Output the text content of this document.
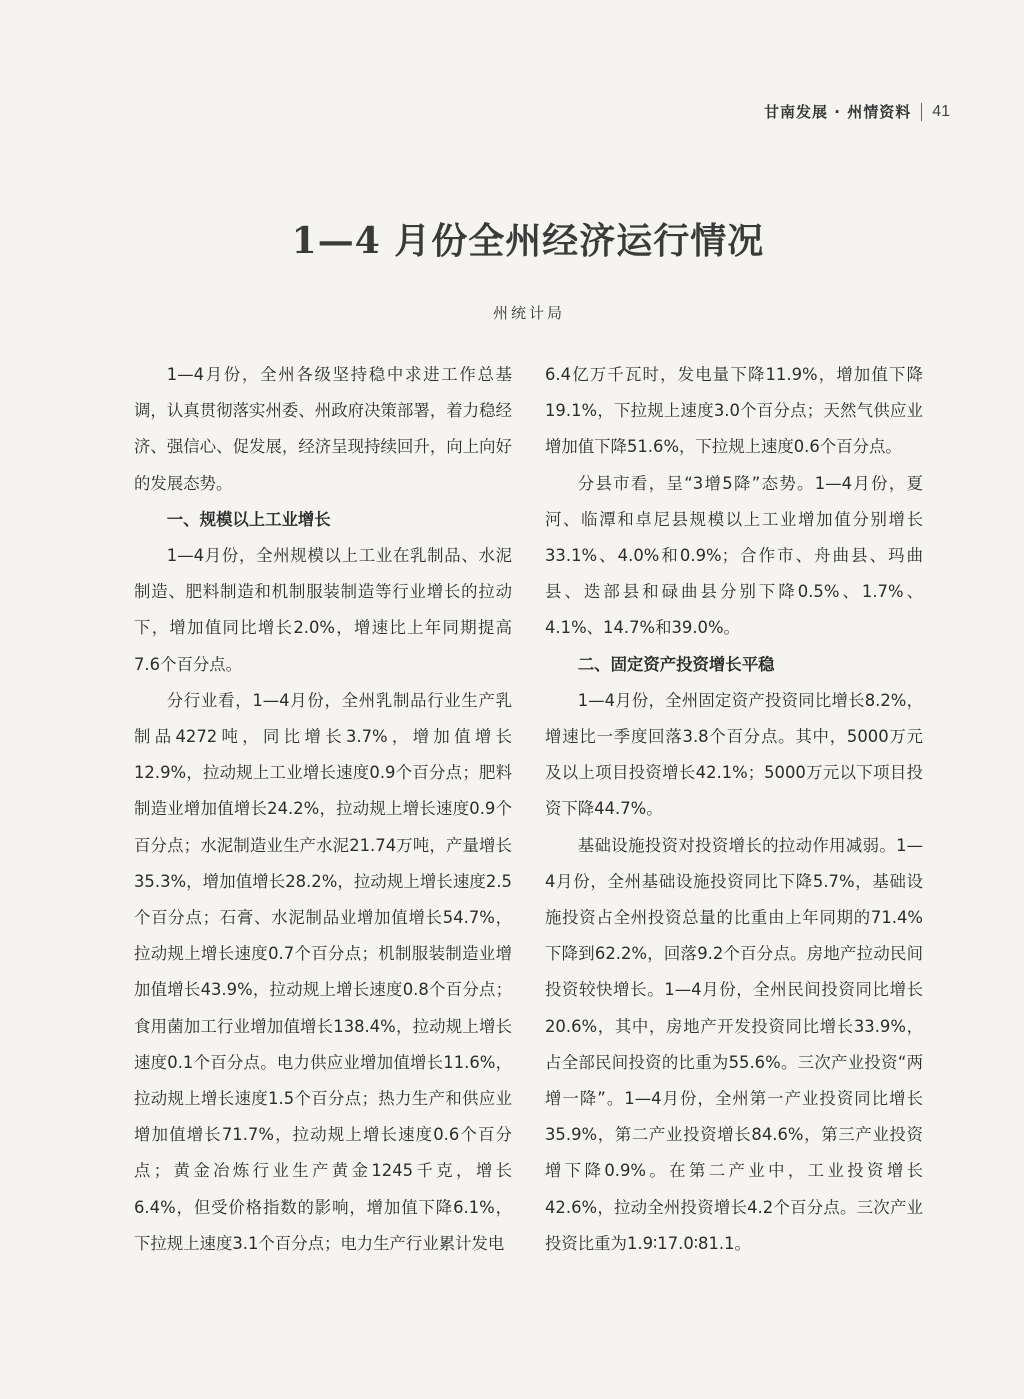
甘南发展 · 州情资料 41
1—4 月份全州经济运行情况
州统计局

1—4月份，全州各级坚持稳中求进工作总基调，认真贯彻落实州委、州政府决策部署，着力稳经济、强信心、促发展，经济呈现持续回升，向上向好的发展态势。

一、规模以上工业增长

1—4月份，全州规模以上工业在乳制品、水泥制造、肥料制造和机制服装制造等行业增长的拉动下，增加值同比增长2.0%，增速比上年同期提高7.6个百分点。

分行业看，1—4月份，全州乳制品行业生产乳制品4272吨，同比增长3.7%，增加值增长12.9%，拉动规上工业增长速度0.9个百分点；肥料制造业增加值增长24.2%，拉动规上增长速度0.9个百分点；水泥制造业生产水泥21.74万吨，产量增长35.3%，增加值增长28.2%，拉动规上增长速度2.5个百分点；石膏、水泥制品业增加值增长54.7%，拉动规上增长速度0.7个百分点；机制服装制造业增加值增长43.9%，拉动规上增长速度0.8个百分点；食用菌加工行业增加值增长138.4%，拉动规上增长速度0.1个百分点。电力供应业增加值增长11.6%，拉动规上增长速度1.5个百分点；热力生产和供应业增加值增长71.7%，拉动规上增长速度0.6个百分点；黄金冶炼行业生产黄金1245千克，增长6.4%，但受价格指数的影响，增加值下降6.1%，下拉规上速度3.1个百分点；电力生产行业累计发电

6.4亿万千瓦时，发电量下降11.9%，增加值下降19.1%，下拉规上速度3.0个百分点；天然气供应业增加值下降51.6%，下拉规上速度0.6个百分点。

分县市看，呈“3增5降”态势。1—4月份，夏河、临潭和卓尼县规模以上工业增加值分别增长33.1%、4.0%和0.9%；合作市、舟曲县、玛曲县、迭部县和碌曲县分别下降0.5%、1.7%、4.1%、14.7%和39.0%。

二、固定资产投资增长平稳

1—4月份，全州固定资产投资同比增长8.2%，增速比一季度回落3.8个百分点。其中，5000万元及以上项目投资增长42.1%；5000万元以下项目投资下降44.7%。

基础设施投资对投资增长的拉动作用减弱。1—4月份，全州基础设施投资同比下降5.7%，基础设施投资占全州投资总量的比重由上年同期的71.4%下降到62.2%，回落9.2个百分点。房地产拉动民间投资较快增长。1—4月份，全州民间投资同比增长20.6%，其中，房地产开发投资同比增长33.9%，占全部民间投资的比重为55.6%。三次产业投资“两增一降”。1—4月份，全州第一产业投资同比增长35.9%，第二产业投资增长84.6%，第三产业投资增下降0.9%。在第二产业中，工业投资增长42.6%，拉动全州投资增长4.2个百分点。三次产业投资比重为1.9∶17.0∶81.1。
